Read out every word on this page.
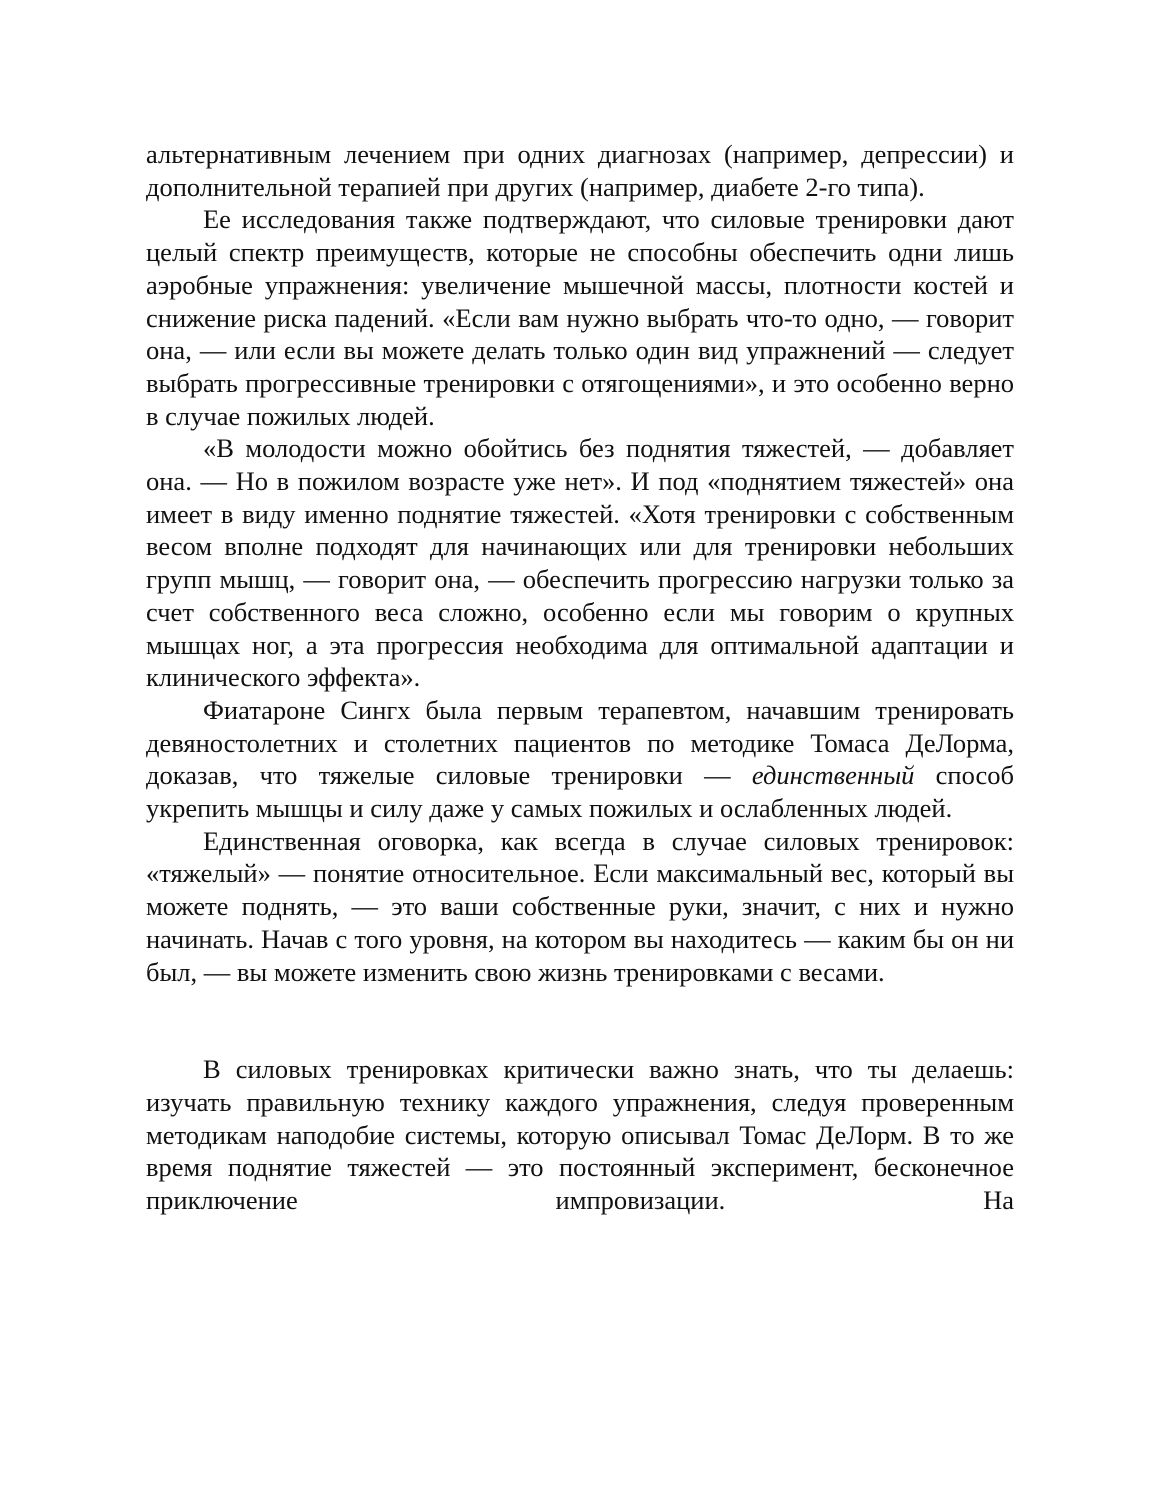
альтернативным лечением при одних диагнозах (например, депрессии) и дополнительной терапией при других (например, диабете 2-го типа).

Ее исследования также подтверждают, что силовые тренировки дают целый спектр преимуществ, которые не способны обеспечить одни лишь аэробные упражнения: увеличение мышечной массы, плотности костей и снижение риска падений. «Если вам нужно выбрать что-то одно, — говорит она, — или если вы можете делать только один вид упражнений — следует выбрать прогрессивные тренировки с отягощениями», и это особенно верно в случае пожилых людей.

«В молодости можно обойтись без поднятия тяжестей, — добавляет она. — Но в пожилом возрасте уже нет». И под «поднятием тяжестей» она имеет в виду именно поднятие тяжестей. «Хотя тренировки с собственным весом вполне подходят для начинающих или для тренировки небольших групп мышц, — говорит она, — обеспечить прогрессию нагрузки только за счет собственного веса сложно, особенно если мы говорим о крупных мышцах ног, а эта прогрессия необходима для оптимальной адаптации и клинического эффекта».

Фиатароне Сингх была первым терапевтом, начавшим тренировать девяностолетних и столетних пациентов по методике Томаса ДеЛорма, доказав, что тяжелые силовые тренировки — единственный способ укрепить мышцы и силу даже у самых пожилых и ослабленных людей.

Единственная оговорка, как всегда в случае силовых тренировок: «тяжелый» — понятие относительное. Если максимальный вес, который вы можете поднять, — это ваши собственные руки, значит, с них и нужно начинать. Начав с того уровня, на котором вы находитесь — каким бы он ни был, — вы можете изменить свою жизнь тренировками с весами.

В силовых тренировках критически важно знать, что ты делаешь: изучать правильную технику каждого упражнения, следуя проверенным методикам наподобие системы, которую описывал Томас ДеЛорм. В то же время поднятие тяжестей — это постоянный эксперимент, бесконечное приключение импровизации. На
